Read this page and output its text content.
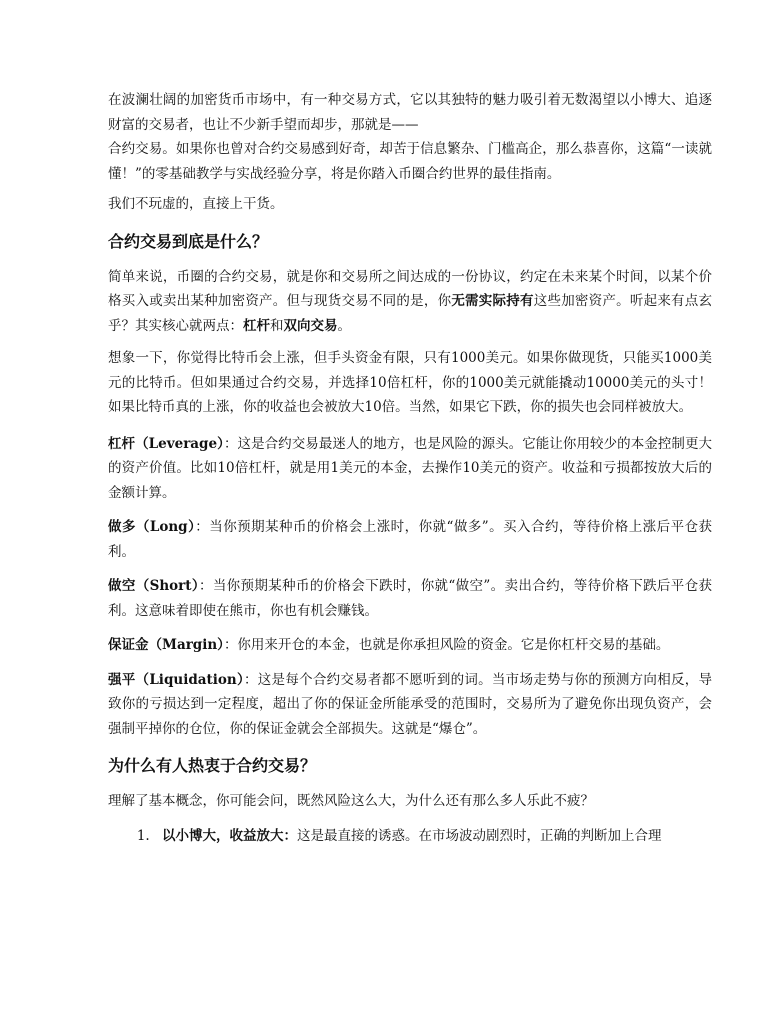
在波澜壮阔的加密货币市场中，有一种交易方式，它以其独特的魅力吸引着无数渴望以小博大、追逐财富的交易者，也让不少新手望而却步，那就是——
合约交易。如果你也曾对合约交易感到好奇，却苦于信息繁杂、门槛高企，那么恭喜你，这篇“一读就懂！”的零基础教学与实战经验分享，将是你踏入币圈合约世界的最佳指南。

我们不玩虚的，直接上干货。

合约交易到底是什么？

简单来说，币圈的合约交易，就是你和交易所之间达成的一份协议，约定在未来某个时间，以某个价格买入或卖出某种加密资产。但与现货交易不同的是，你无需实际持有这些加密资产。听起来有点玄乎？其实核心就两点：杠杆和双向交易。

想象一下，你觉得比特币会上涨，但手头资金有限，只有1000美元。如果你做现货，只能买1000美元的比特币。但如果通过合约交易，并选择10倍杠杆，你的1000美元就能撬动10000美元的头寸！如果比特币真的上涨，你的收益也会被放大10倍。当然，如果它下跌，你的损失也会同样被放大。

杠杆（Leverage）：这是合约交易最迷人的地方，也是风险的源头。它能让你用较少的本金控制更大的资产价值。比如10倍杠杆，就是用1美元的本金，去操作10美元的资产。收益和亏损都按放大后的金额计算。

做多（Long）：当你预期某种币的价格会上涨时，你就“做多”。买入合约，等待价格上涨后平仓获利。

做空（Short）：当你预期某种币的价格会下跌时，你就“做空”。卖出合约，等待价格下跌后平仓获利。这意味着即使在熊市，你也有机会赚钱。

保证金（Margin）：你用来开仓的本金，也就是你承担风险的资金。它是你杠杆交易的基础。

强平（Liquidation）：这是每个合约交易者都不愿听到的词。当市场走势与你的预测方向相反，导致你的亏损达到一定程度，超出了你的保证金所能承受的范围时，交易所为了避免你出现负资产，会强制平掉你的仓位，你的保证金就会全部损失。这就是“爆仓”。

为什么有人热衷于合约交易？

理解了基本概念，你可能会问，既然风险这么大，为什么还有那么多人乐此不疲？

1. 以小博大，收益放大：这是最直接的诱惑。在市场波动剧烈时，正确的判断加上合理
